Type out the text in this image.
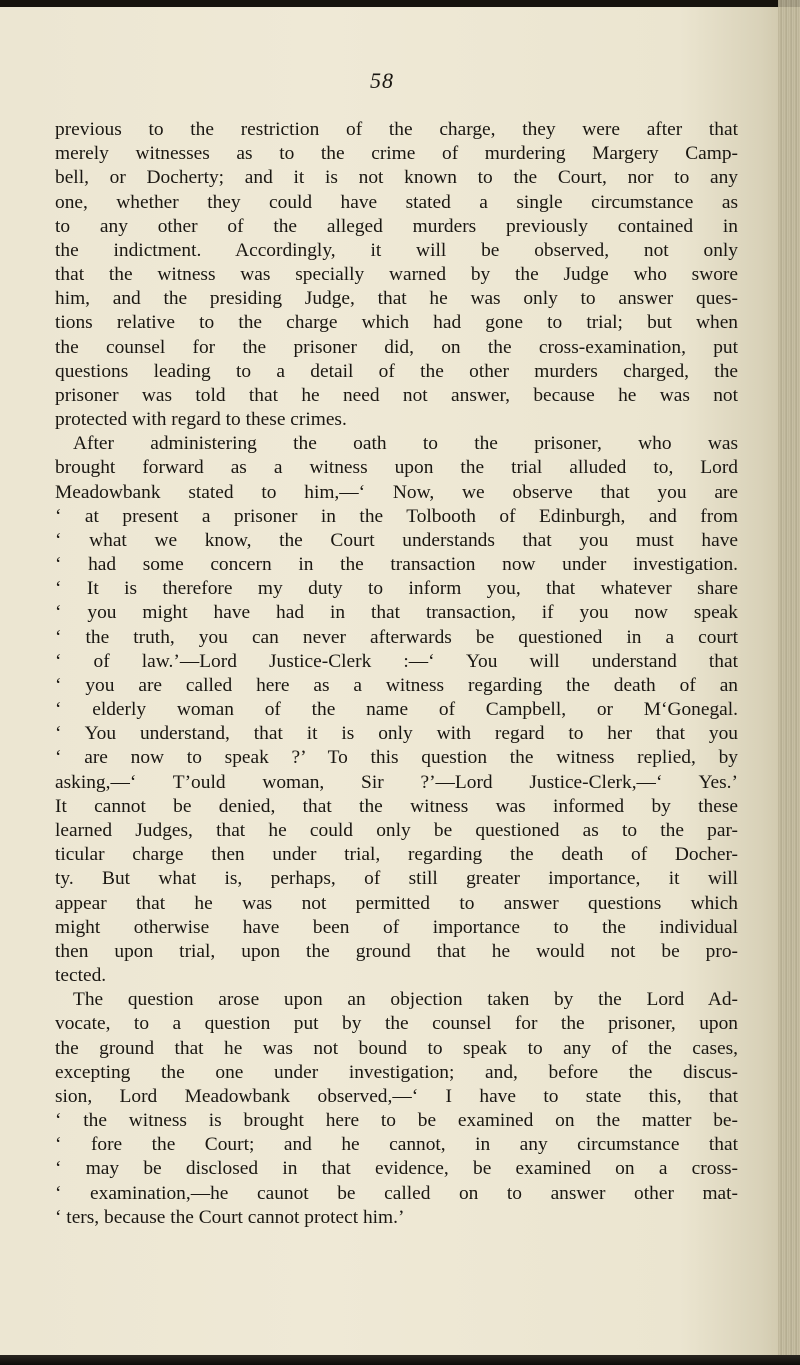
58
previous to the restriction of the charge, they were after that
merely witnesses as to the crime of murdering Margery Camp-
bell, or Docherty; and it is not known to the Court, nor to any
one, whether they could have stated a single circumstance as
to any other of the alleged murders previously contained in
the indictment. Accordingly, it will be observed, not only
that the witness was specially warned by the Judge who swore
him, and the presiding Judge, that he was only to answer ques-
tions relative to the charge which had gone to trial; but when
the counsel for the prisoner did, on the cross-examination, put
questions leading to a detail of the other murders charged, the
prisoner was told that he need not answer, because he was not
protected with regard to these crimes.
After administering the oath to the prisoner, who was
brought forward as a witness upon the trial alluded to, Lord
Meadowbank stated to him,—‘ Now, we observe that you are
‘ at present a prisoner in the Tolbooth of Edinburgh, and from
‘ what we know, the Court understands that you must have
‘ had some concern in the transaction now under investigation.
‘ It is therefore my duty to inform you, that whatever share
‘ you might have had in that transaction, if you now speak
‘ the truth, you can never afterwards be questioned in a court
‘ of law.’—Lord Justice-Clerk :—‘ You will understand that
‘ you are called here as a witness regarding the death of an
‘ elderly woman of the name of Campbell, or M‘Gonegal.
‘ You understand, that it is only with regard to her that you
‘ are now to speak ?’ To this question the witness replied, by
asking,—‘ T’ould woman, Sir ?’—Lord Justice-Clerk,—‘ Yes.’
It cannot be denied, that the witness was informed by these
learned Judges, that he could only be questioned as to the par-
ticular charge then under trial, regarding the death of Docher-
ty. But what is, perhaps, of still greater importance, it will
appear that he was not permitted to answer questions which
might otherwise have been of importance to the individual
then upon trial, upon the ground that he would not be pro-
tected.
The question arose upon an objection taken by the Lord Ad-
vocate, to a question put by the counsel for the prisoner, upon
the ground that he was not bound to speak to any of the cases,
excepting the one under investigation; and, before the discus-
sion, Lord Meadowbank observed,—‘ I have to state this, that
‘ the witness is brought here to be examined on the matter be-
‘ fore the Court; and he cannot, in any circumstance that
‘ may be disclosed in that evidence, be examined on a cross-
‘ examination,—he caunot be called on to answer other mat-
‘ ters, because the Court cannot protect him.’
